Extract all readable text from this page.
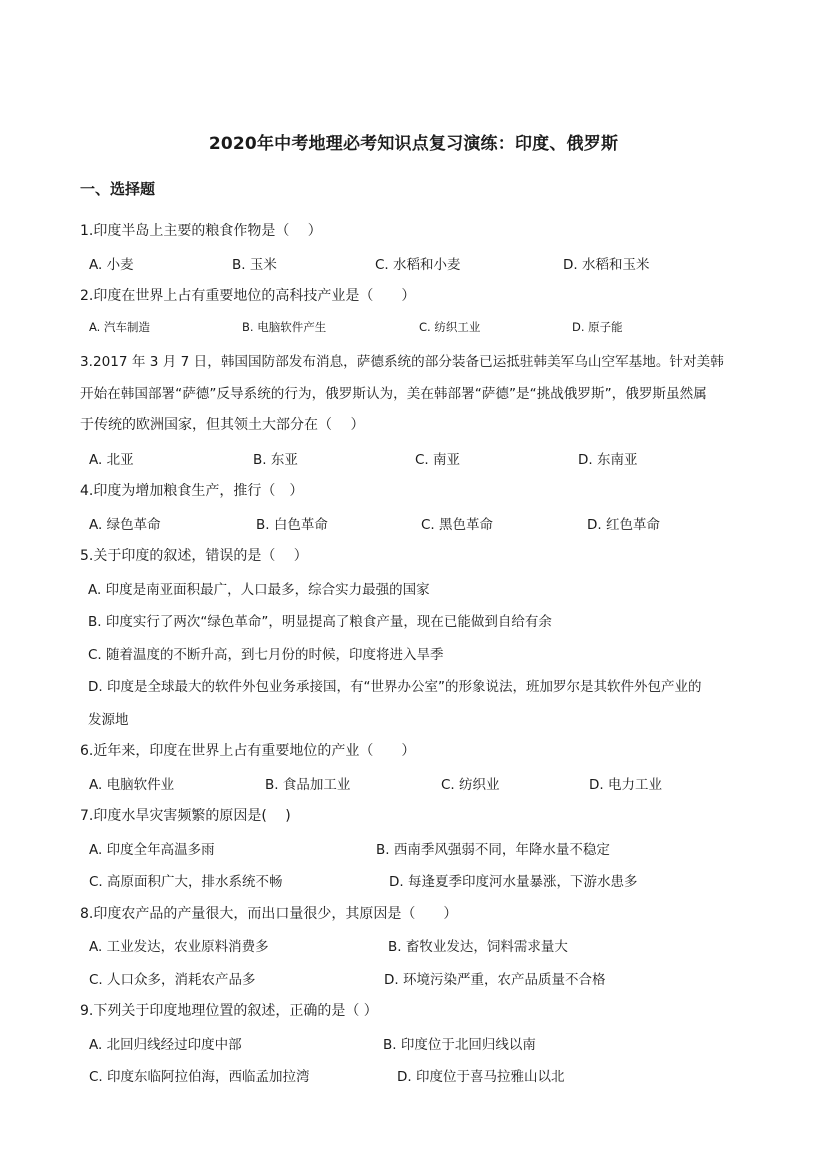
2020年中考地理必考知识点复习演练：印度、俄罗斯
一、选择题
1.印度半岛上主要的粮食作物是（　 ）
A. 小麦	B. 玉米	C. 水稻和小麦	D. 水稻和玉米
2.印度在世界上占有重要地位的高科技产业是（　　）
A. 汽车制造	B. 电脑软件产生	C. 纺织工业	D. 原子能
3.2017 年 3 月 7 日，韩国国防部发布消息，萨德系统的部分装备已运抵驻韩美军乌山空军基地。针对美韩
开始在韩国部署“萨德”反导系统的行为，俄罗斯认为，美在韩部署“萨德”是“挑战俄罗斯”，俄罗斯虽然属
于传统的欧洲国家，但其领土大部分在（　 ）
A. 北亚	B. 东亚	C. 南亚	D. 东南亚
4.印度为增加粮食生产，推行（　）
A. 绿色革命	B. 白色革命	C. 黑色革命	D. 红色革命
5.关于印度的叙述，错误的是（　 ）
A. 印度是南亚面积最广，人口最多，综合实力最强的国家
B. 印度实行了两次“绿色革命”，明显提高了粮食产量，现在已能做到自给有余
C. 随着温度的不断升高，到七月份的时候，印度将进入旱季
D. 印度是全球最大的软件外包业务承接国，有“世界办公室”的形象说法，班加罗尔是其软件外包产业的
发源地
6.近年来，印度在世界上占有重要地位的产业（　　）
A. 电脑软件业	B. 食品加工业	C. 纺织业	D. 电力工业
7.印度水旱灾害频繁的原因是(　 )
A. 印度全年高温多雨	B. 西南季风强弱不同，年降水量不稳定
C. 高原面积广大，排水系统不畅	D. 每逢夏季印度河水量暴涨，下游水患多
8.印度农产品的产量很大，而出口量很少，其原因是（　　）
A. 工业发达，农业原料消费多	B. 畜牧业发达，饲料需求量大
C. 人口众多，消耗农产品多	D. 环境污染严重，农产品质量不合格
9.下列关于印度地理位置的叙述，正确的是（ ）
A. 北回归线经过印度中部	B. 印度位于北回归线以南
C. 印度东临阿拉伯海，西临孟加拉湾	D. 印度位于喜马拉雅山以北
